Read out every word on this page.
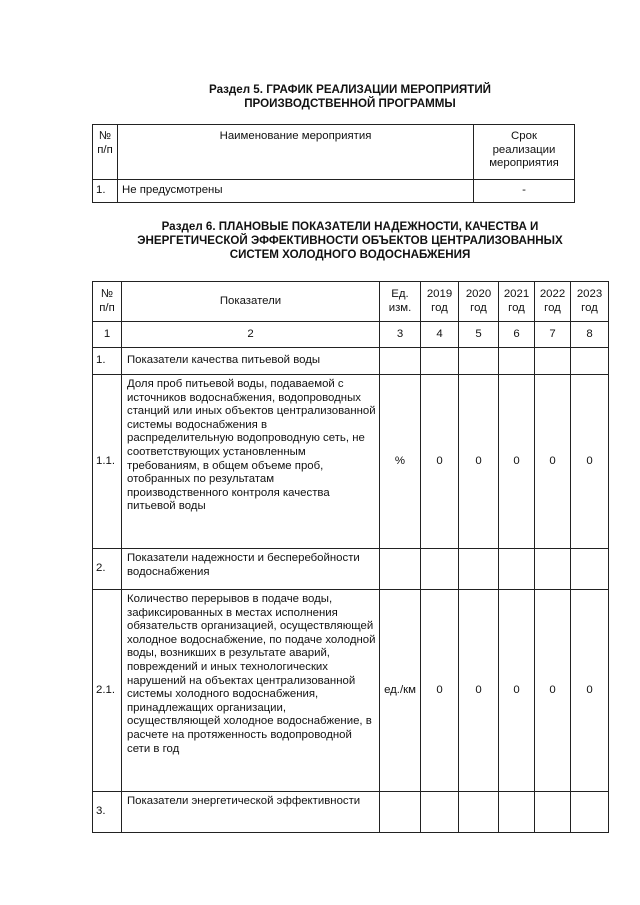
Раздел 5. ГРАФИК РЕАЛИЗАЦИИ МЕРОПРИЯТИЙ
ПРОИЗВОДСТВЕННОЙ ПРОГРАММЫ
№ п/п	Наименование мероприятия	Срок реализации мероприятия
1.	Не предусмотрены	-
Раздел 6. ПЛАНОВЫЕ ПОКАЗАТЕЛИ НАДЕЖНОСТИ, КАЧЕСТВА И
ЭНЕРГЕТИЧЕСКОЙ ЭФФЕКТИВНОСТИ ОБЪЕКТОВ ЦЕНТРАЛИЗОВАННЫХ
СИСТЕМ ХОЛОДНОГО ВОДОСНАБЖЕНИЯ
№ п/п	Показатели	Ед. изм.	2019 год	2020 год	2021 год	2022 год	2023 год
1	2	3	4	5	6	7	8
1.	Показатели качества питьевой воды						
1.1.	Доля проб питьевой воды, подаваемой с источников водоснабжения, водопроводных станций или иных объектов централизованной системы водоснабжения в распределительную водопроводную сеть, не соответствующих установленным требованиям, в общем объеме проб, отобранных по результатам производственного контроля качества питьевой воды	%	0	0	0	0	0
2.	Показатели надежности и бесперебойности водоснабжения						
2.1.	Количество перерывов в подаче воды, зафиксированных в местах исполнения обязательств организацией, осуществляющей холодное водоснабжение, по подаче холодной воды, возникших в результате аварий, повреждений и иных технологических нарушений на объектах централизованной системы холодного водоснабжения, принадлежащих организации, осуществляющей холодное водоснабжение, в расчете на протяженность водопроводной сети в год	ед./км	0	0	0	0	0
3.	Показатели энергетической эффективности						
